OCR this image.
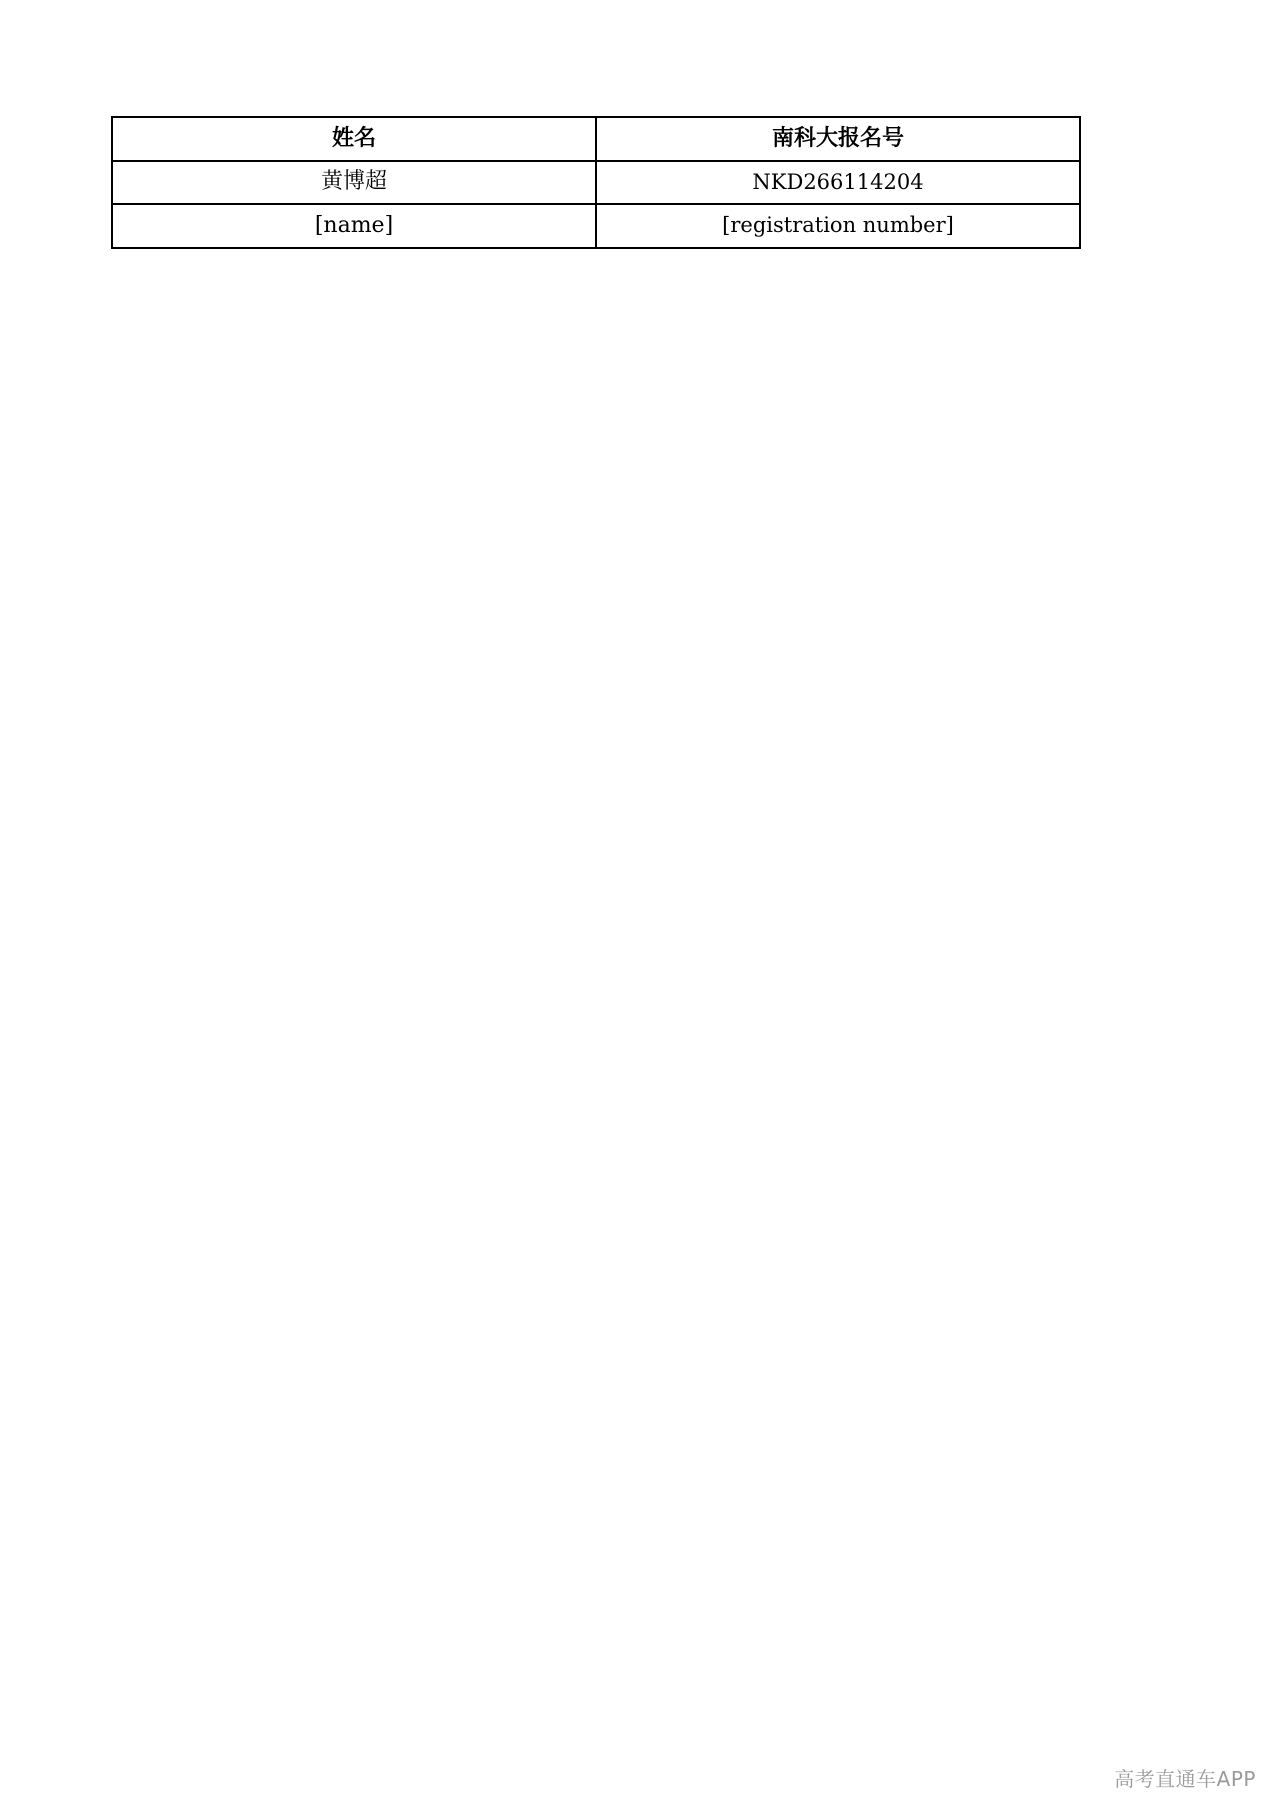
姓名	南科大报名号
黄博超	NKD266114204
[name]	[registration number]
高考直通车APP
